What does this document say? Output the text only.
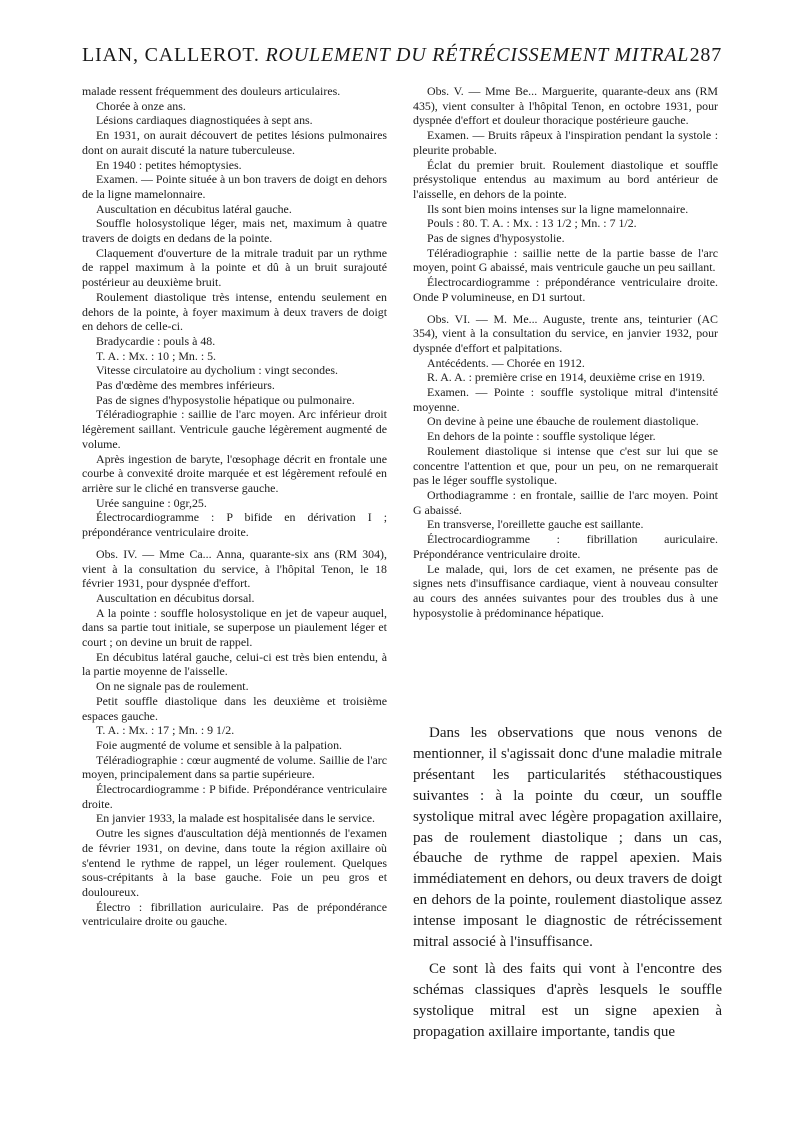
LIAN, CALLEROT. ROULEMENT DU RÉTRÉCISSEMENT MITRAL 287

malade ressent fréquemment des douleurs articulaires.

Chorée à onze ans.

Lésions cardiaques diagnostiquées à sept ans.

En 1931, on aurait découvert de petites lésions pulmonaires dont on aurait discuté la nature tuberculeuse.

En 1940 : petites hémoptysies.

Examen. — Pointe située à un bon travers de doigt en dehors de la ligne mamelonnaire.

Auscultation en décubitus latéral gauche.

Souffle holosystolique léger, mais net, maximum à quatre travers de doigts en dedans de la pointe.

Claquement d'ouverture de la mitrale traduit par un rythme de rappel maximum à la pointe et dû à un bruit surajouté postérieur au deuxième bruit.

Roulement diastolique très intense, entendu seulement en dehors de la pointe, à foyer maximum à deux travers de doigt en dehors de celle-ci.

Bradycardie : pouls à 48.

T. A. : Mx. : 10 ; Mn. : 5.

Vitesse circulatoire au dycholium : vingt secondes.

Pas d'œdème des membres inférieurs.

Pas de signes d'hyposystolie hépatique ou pulmonaire.

Téléradiographie : saillie de l'arc moyen. Arc inférieur droit légèrement saillant. Ventricule gauche légèrement augmenté de volume.

Après ingestion de baryte, l'œsophage décrit en frontale une courbe à convexité droite marquée et est légèrement refoulé en arrière sur le cliché en transverse gauche.

Urée sanguine : 0gr,25.

Électrocardiogramme : P bifide en dérivation I ; prépondérance ventriculaire droite.

Obs. IV. — Mme Ca... Anna, quarante-six ans (RM 304), vient à la consultation du service, à l'hôpital Tenon, le 18 février 1931, pour dyspnée d'effort.

Auscultation en décubitus dorsal.

A la pointe : souffle holosystolique en jet de vapeur auquel, dans sa partie tout initiale, se superpose un piaulement léger et court ; on devine un bruit de rappel.

En décubitus latéral gauche, celui-ci est très bien entendu, à la partie moyenne de l'aisselle.

On ne signale pas de roulement.

Petit souffle diastolique dans les deuxième et troisième espaces gauche.

T. A. : Mx. : 17 ; Mn. : 9 1/2.

Foie augmenté de volume et sensible à la palpation.

Téléradiographie : cœur augmenté de volume. Saillie de l'arc moyen, principalement dans sa partie supérieure.

Électrocardiogramme : P bifide. Prépondérance ventriculaire droite.

En janvier 1933, la malade est hospitalisée dans le service.

Outre les signes d'auscultation déjà mentionnés de l'examen de février 1931, on devine, dans toute la région axillaire où s'entend le rythme de rappel, un léger roulement. Quelques sous-crépitants à la base gauche. Foie un peu gros et douloureux.

Électro : fibrillation auriculaire. Pas de prépondérance ventriculaire droite ou gauche.

Obs. V. — Mme Be... Marguerite, quarante-deux ans (RM 435), vient consulter à l'hôpital Tenon, en octobre 1931, pour dyspnée d'effort et douleur thoracique postérieure gauche.

Examen. — Bruits râpeux à l'inspiration pendant la systole : pleurite probable.

Éclat du premier bruit. Roulement diastolique et souffle présystolique entendus au maximum au bord antérieur de l'aisselle, en dehors de la pointe.

Ils sont bien moins intenses sur la ligne mamelonnaire.

Pouls : 80. T. A. : Mx. : 13 1/2 ; Mn. : 7 1/2.

Pas de signes d'hyposystolie.

Téléradiographie : saillie nette de la partie basse de l'arc moyen, point G abaissé, mais ventricule gauche un peu saillant.

Électrocardiogramme : prépondérance ventriculaire droite. Onde P volumineuse, en D1 surtout.

Obs. VI. — M. Me... Auguste, trente ans, teinturier (AC 354), vient à la consultation du service, en janvier 1932, pour dyspnée d'effort et palpitations.

Antécédents. — Chorée en 1912.

R. A. A. : première crise en 1914, deuxième crise en 1919.

Examen. — Pointe : souffle systolique mitral d'intensité moyenne.

On devine à peine une ébauche de roulement diastolique.

En dehors de la pointe : souffle systolique léger.

Roulement diastolique si intense que c'est sur lui que se concentre l'attention et que, pour un peu, on ne remarquerait pas le léger souffle systolique.

Orthodiagramme : en frontale, saillie de l'arc moyen. Point G abaissé.

En transverse, l'oreillette gauche est saillante.

Électrocardiogramme : fibrillation auriculaire. Prépondérance ventriculaire droite.

Le malade, qui, lors de cet examen, ne présente pas de signes nets d'insuffisance cardiaque, vient à nouveau consulter au cours des années suivantes pour des troubles dus à une hyposystolie à prédominance hépatique.

Dans les observations que nous venons de mentionner, il s'agissait donc d'une maladie mitrale présentant les particularités stéthacoustiques suivantes : à la pointe du cœur, un souffle systolique mitral avec légère propagation axillaire, pas de roulement diastolique ; dans un cas, ébauche de rythme de rappel apexien. Mais immédiatement en dehors, ou deux travers de doigt en dehors de la pointe, roulement diastolique assez intense imposant le diagnostic de rétrécissement mitral associé à l'insuffisance.

Ce sont là des faits qui vont à l'encontre des schémas classiques d'après lesquels le souffle systolique mitral est un signe apexien à propagation axillaire importante, tandis que
